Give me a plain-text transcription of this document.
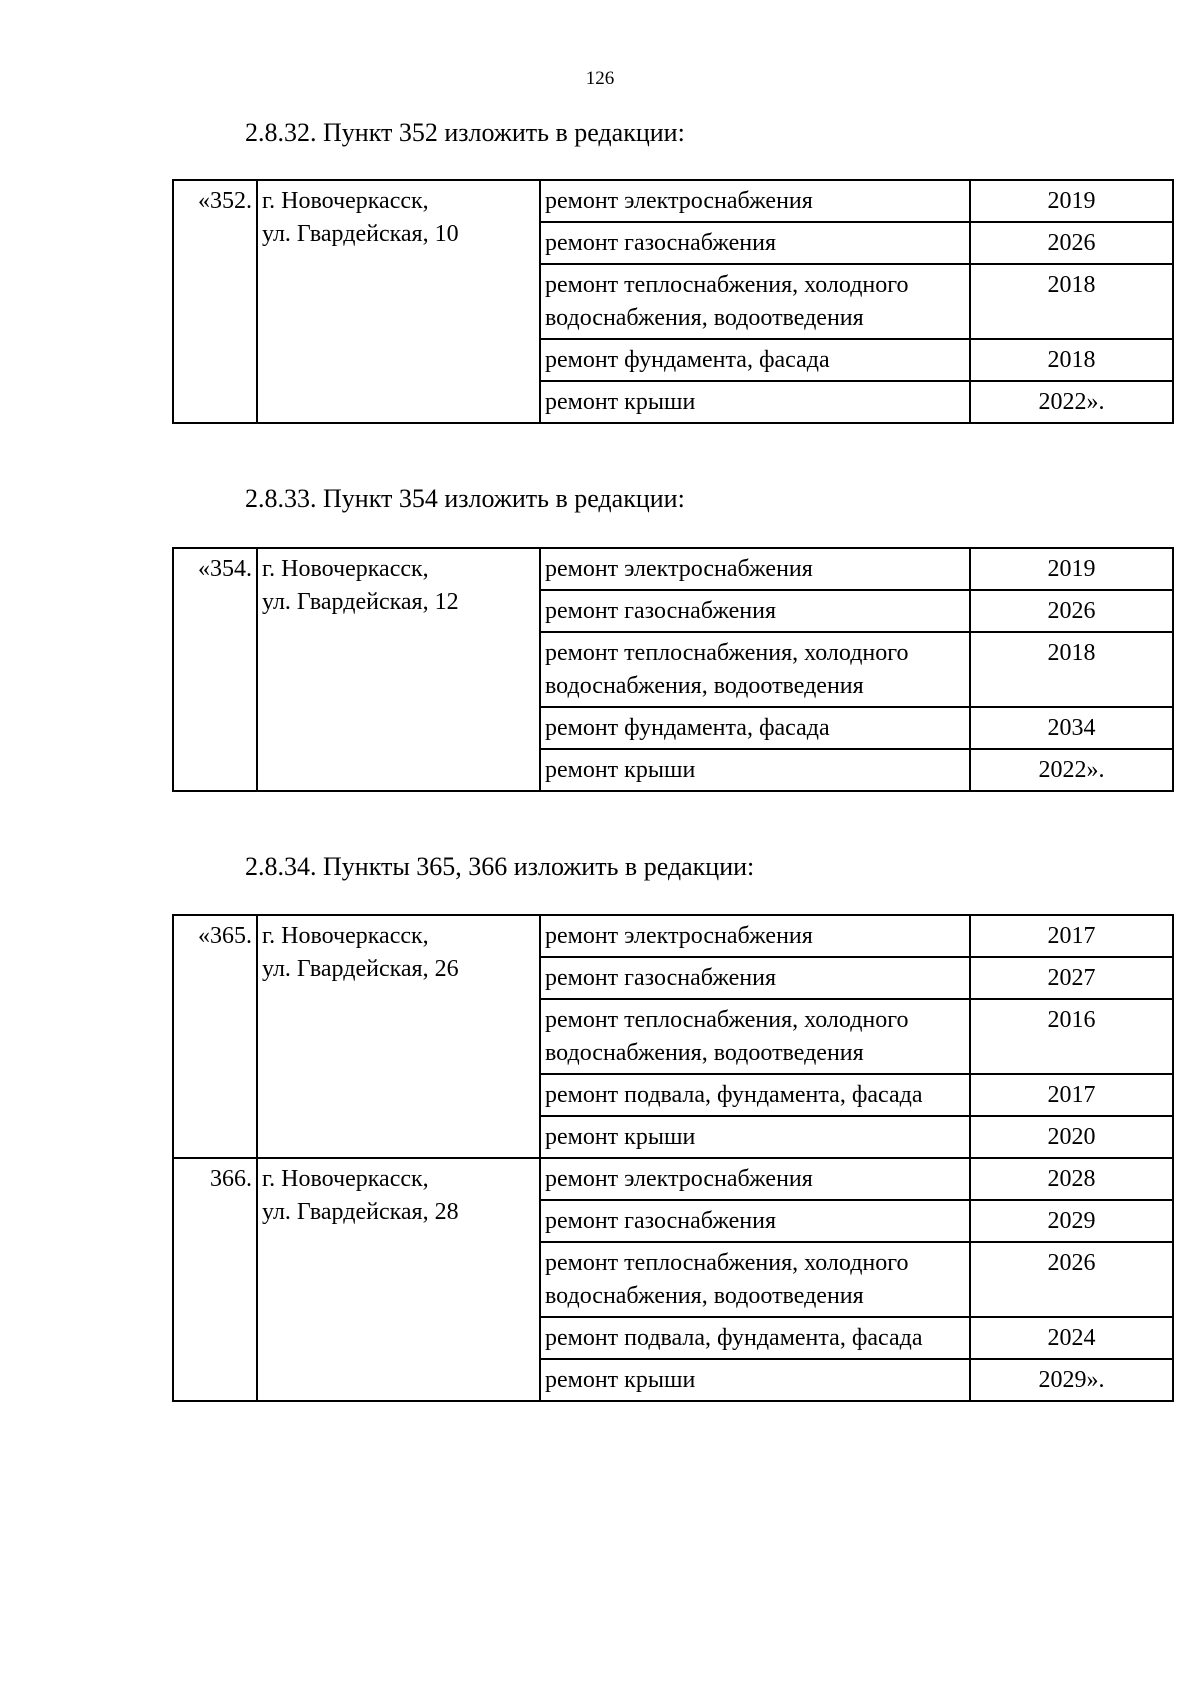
126
2.8.32. Пункт 352 изложить в редакции:
«352.	г. Новочеркасск,
ул. Гвардейская, 10	ремонт электроснабжения	2019
		ремонт газоснабжения	2026
		ремонт теплоснабжения, холодного водоснабжения, водоотведения	2018
		ремонт фундамента, фасада	2018
		ремонт крыши	2022».
2.8.33. Пункт 354 изложить в редакции:
«354.	г. Новочеркасск,
ул. Гвардейская, 12	ремонт электроснабжения	2019
		ремонт газоснабжения	2026
		ремонт теплоснабжения, холодного водоснабжения, водоотведения	2018
		ремонт фундамента, фасада	2034
		ремонт крыши	2022».
2.8.34. Пункты 365, 366 изложить в редакции:
«365.	г. Новочеркасск,
ул. Гвардейская, 26	ремонт электроснабжения	2017
		ремонт газоснабжения	2027
		ремонт теплоснабжения, холодного водоснабжения, водоотведения	2016
		ремонт подвала, фундамента, фасада	2017
		ремонт крыши	2020
366.	г. Новочеркасск,
ул. Гвардейская, 28	ремонт электроснабжения	2028
		ремонт газоснабжения	2029
		ремонт теплоснабжения, холодного водоснабжения, водоотведения	2026
		ремонт подвала, фундамента, фасада	2024
		ремонт крыши	2029».
